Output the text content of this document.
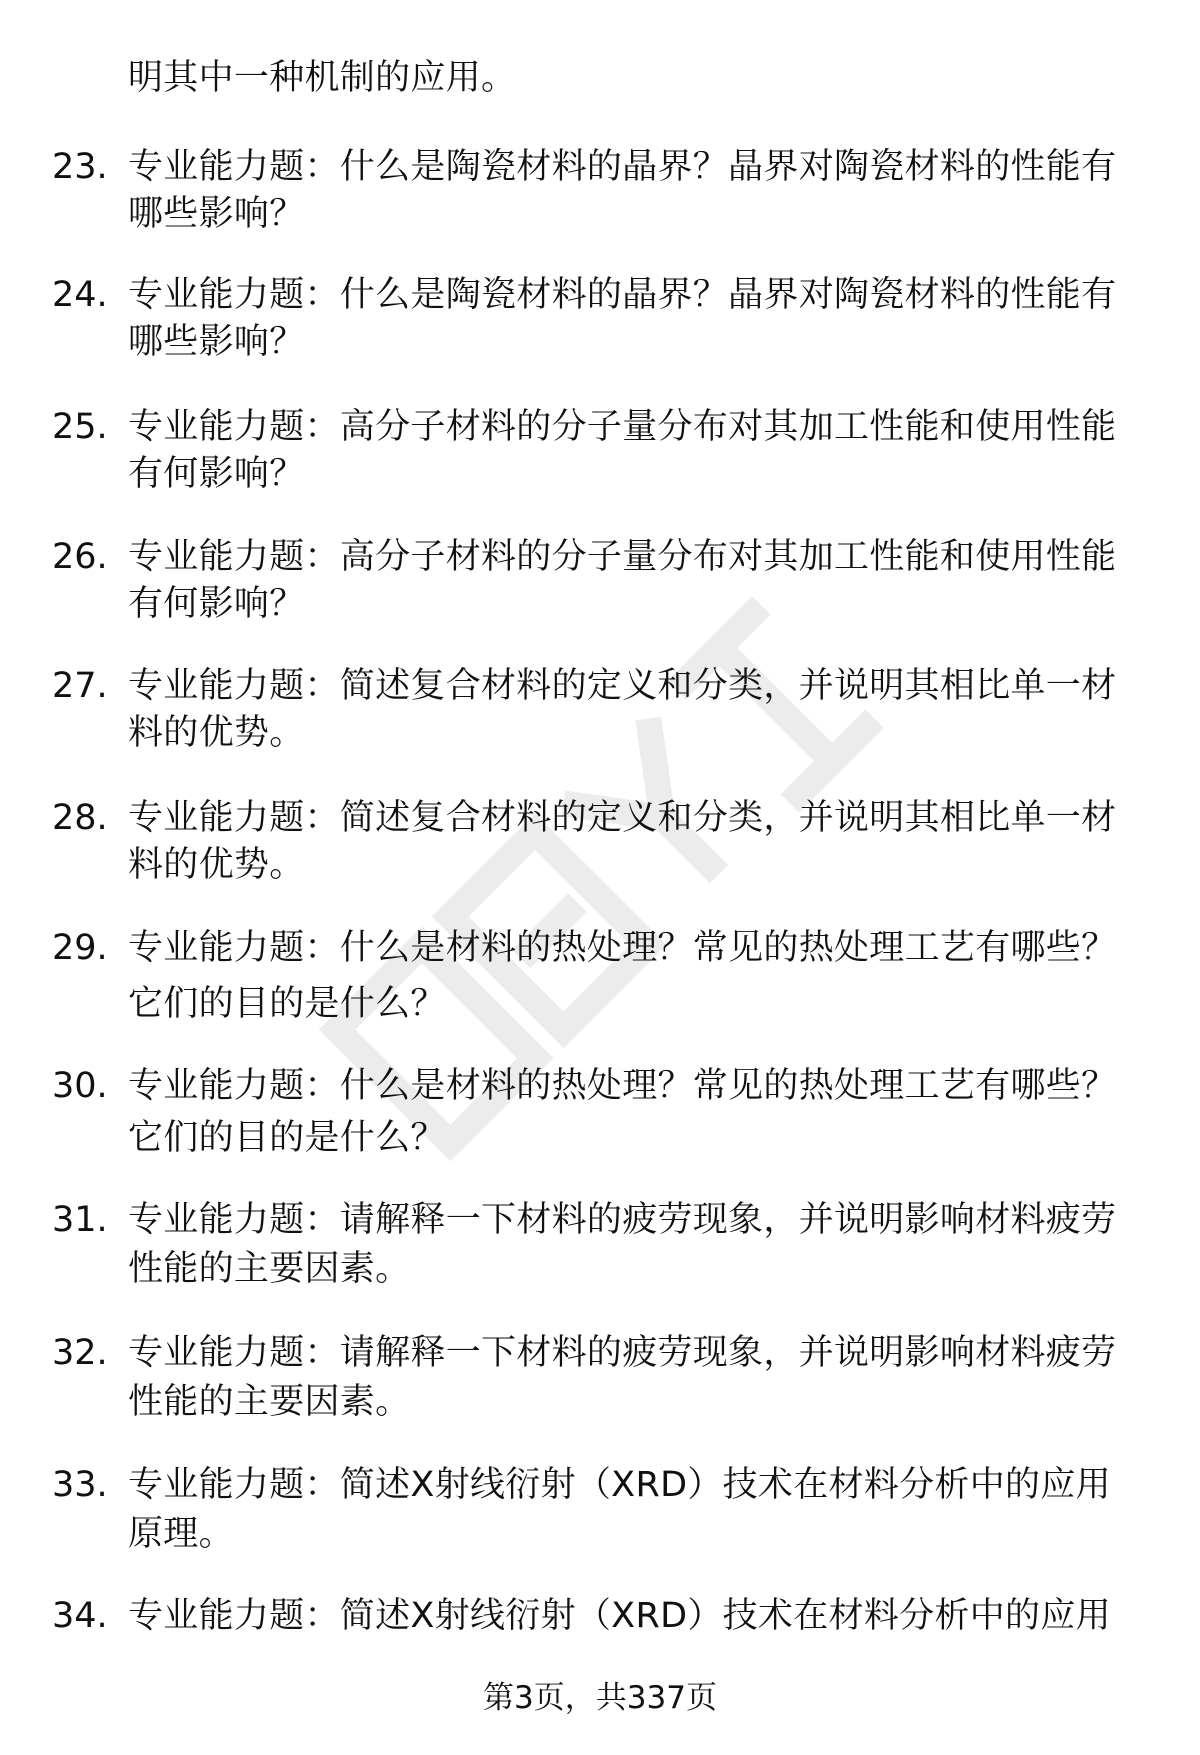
明其中一种机制的应用。
23. 专业能力题：什么是陶瓷材料的晶界？晶界对陶瓷材料的性能有
哪些影响？
24. 专业能力题：什么是陶瓷材料的晶界？晶界对陶瓷材料的性能有
哪些影响？
25. 专业能力题：高分子材料的分子量分布对其加工性能和使用性能
有何影响？
26. 专业能力题：高分子材料的分子量分布对其加工性能和使用性能
有何影响？
27. 专业能力题：简述复合材料的定义和分类，并说明其相比单一材
料的优势。
28. 专业能力题：简述复合材料的定义和分类，并说明其相比单一材
料的优势。
29. 专业能力题：什么是材料的热处理？常见的热处理工艺有哪些？
它们的目的是什么？
30. 专业能力题：什么是材料的热处理？常见的热处理工艺有哪些？
它们的目的是什么？
31. 专业能力题：请解释一下材料的疲劳现象，并说明影响材料疲劳
性能的主要因素。
32. 专业能力题：请解释一下材料的疲劳现象，并说明影响材料疲劳
性能的主要因素。
33. 专业能力题：简述X射线衍射（XRD）技术在材料分析中的应用
原理。
34. 专业能力题：简述X射线衍射（XRD）技术在材料分析中的应用
第3页，共337页
